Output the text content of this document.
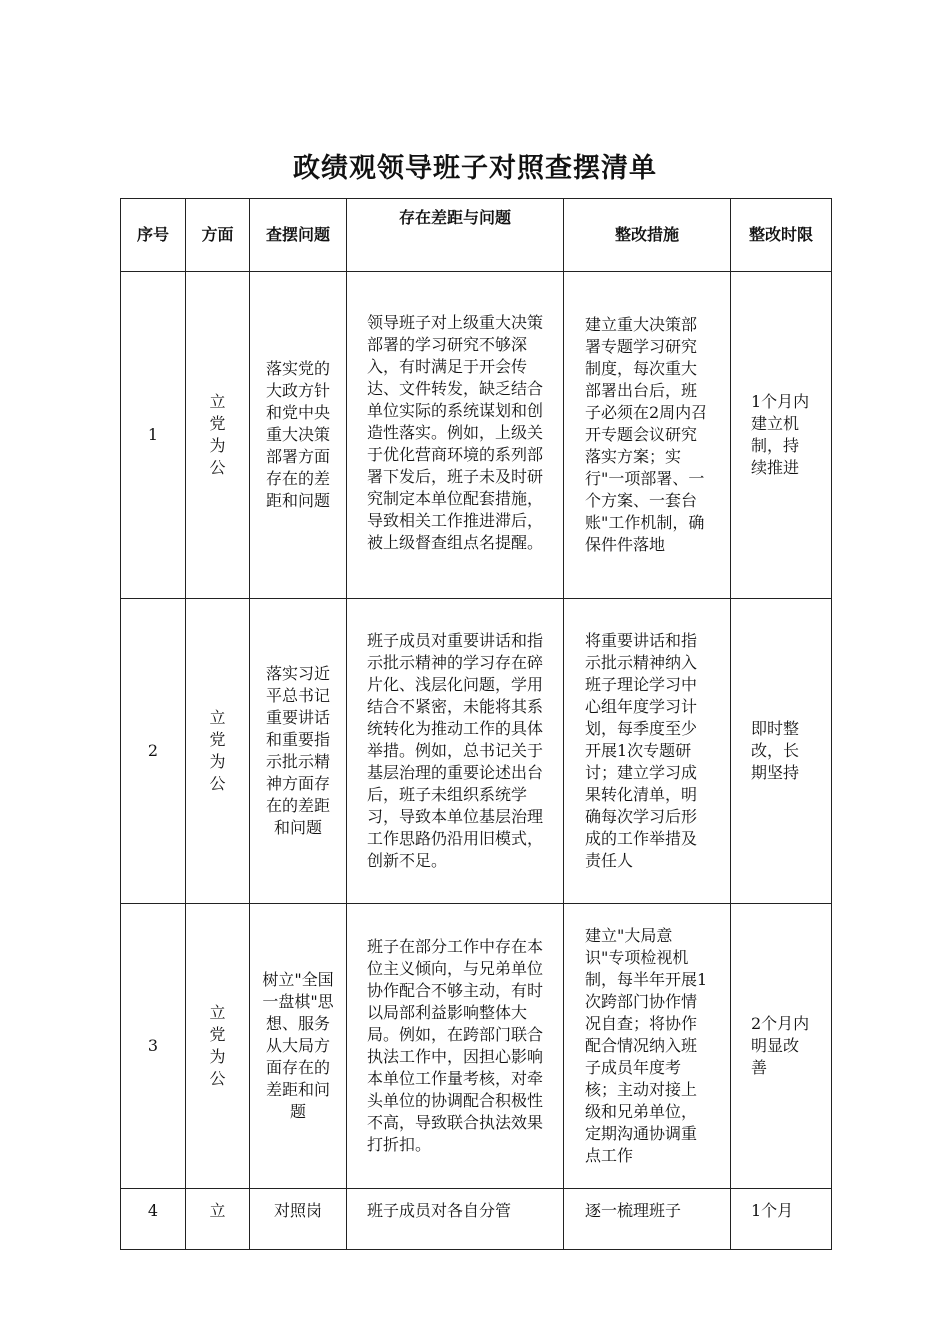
政绩观领导班子对照查摆清单
序号	方面	查摆问题	存在差距与问题	整改措施	整改时限

1	立党为公	落实党的大政方针和党中央重大决策部署方面存在的差距和问题	领导班子对上级重大决策部署的学习研究不够深入，有时满足于开会传达、文件转发，缺乏结合单位实际的系统谋划和创造性落实。例如，上级关于优化营商环境的系列部署下发后，班子未及时研究制定本单位配套措施，导致相关工作推进滞后，被上级督查组点名提醒。	建立重大决策部署专题学习研究制度，每次重大部署出台后，班子必须在2周内召开专题会议研究落实方案；实行"一项部署、一个方案、一套台账"工作机制，确保件件落地	1个月内建立机制，持续推进

2	立党为公	落实习近平总书记重要讲话和重要指示批示精神方面存在的差距和问题	班子成员对重要讲话和指示批示精神的学习存在碎片化、浅层化问题，学用结合不紧密，未能将其系统转化为推动工作的具体举措。例如，总书记关于基层治理的重要论述出台后，班子未组织系统学习，导致本单位基层治理工作思路仍沿用旧模式，创新不足。	将重要讲话和指示批示精神纳入班子理论学习中心组年度学习计划，每季度至少开展1次专题研讨；建立学习成果转化清单，明确每次学习后形成的工作举措及责任人	即时整改，长期坚持

3	立党为公	树立"全国一盘棋"思想、服务从大局方面存在的差距和问题	班子在部分工作中存在本位主义倾向，与兄弟单位协作配合不够主动，有时以局部利益影响整体大局。例如，在跨部门联合执法工作中，因担心影响本单位工作量考核，对牵头单位的协调配合积极性不高，导致联合执法效果打折扣。	建立"大局意识"专项检视机制，每半年开展1次跨部门协作情况自查；将协作配合情况纳入班子成员年度考核；主动对接上级和兄弟单位，定期沟通协调重点工作	2个月内明显改善

4	立	对照岗	班子成员对各自分管	逐一梳理班子	1个月
